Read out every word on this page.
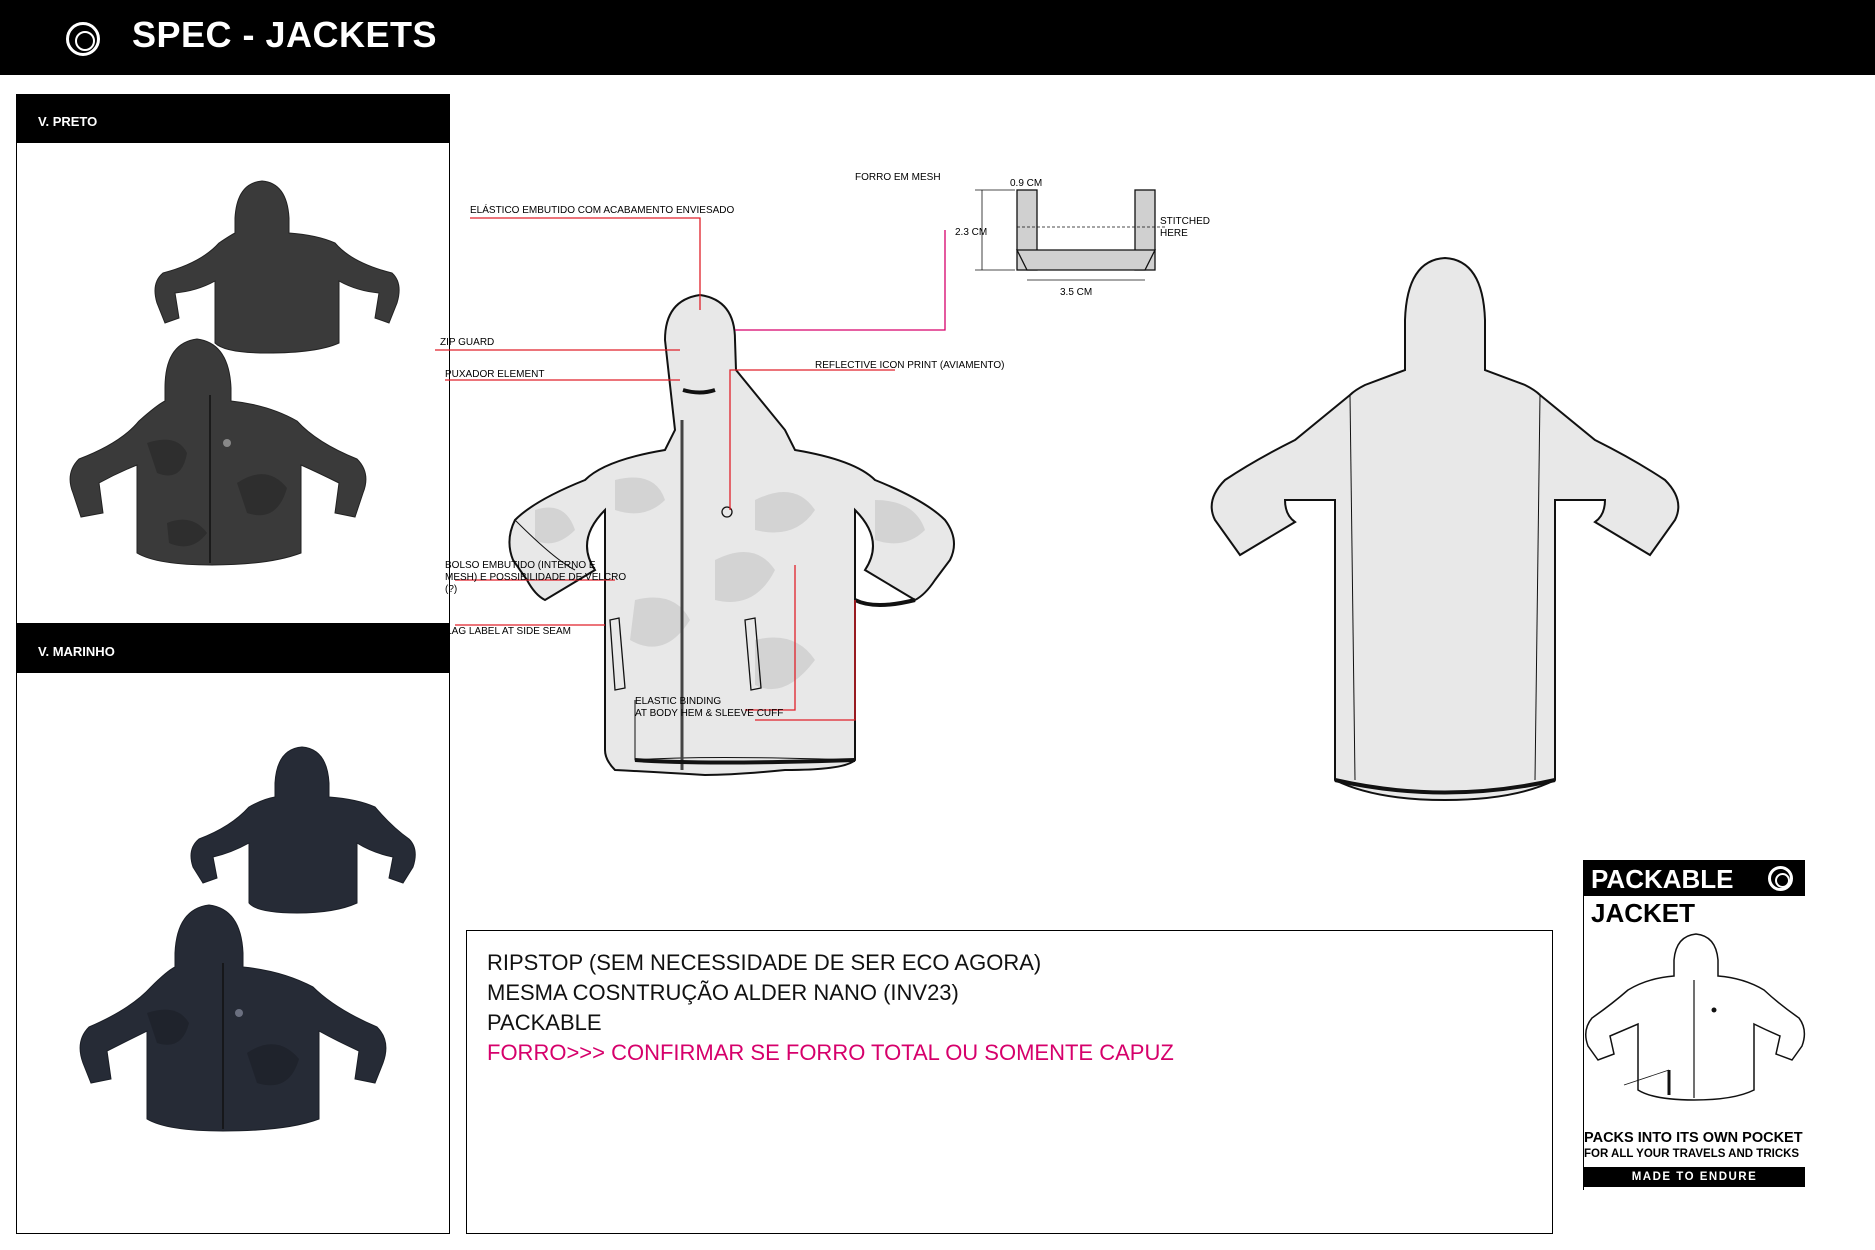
SPEC - JACKETS
V. PRETO
V. MARINHO
ELÁSTICO EMBUTIDO COM ACABAMENTO ENVIESADO
FORRO EM MESH
ZIP GUARD
PUXADOR ELEMENT
REFLECTIVE ICON PRINT (AVIAMENTO)
BOLSO EMBUTIDO (INTERNO E
MESH) E POSSIBILIDADE DE VELCRO
(?)
FLAG LABEL AT SIDE SEAM
ELASTIC BINDING
AT BODY HEM & SLEEVE CUFF
0.9 CM
2.3 CM
3.5 CM
STITCHED
HERE
RIPSTOP (SEM NECESSIDADE DE SER ECO AGORA)
MESMA COSNTRUÇÃO ALDER NANO (INV23)
PACKABLE
FORRO>>> CONFIRMAR SE FORRO TOTAL OU SOMENTE CAPUZ
PACKABLE
JACKET
PACKS INTO ITS OWN POCKET
FOR ALL YOUR TRAVELS AND TRICKS
MADE TO ENDURE
